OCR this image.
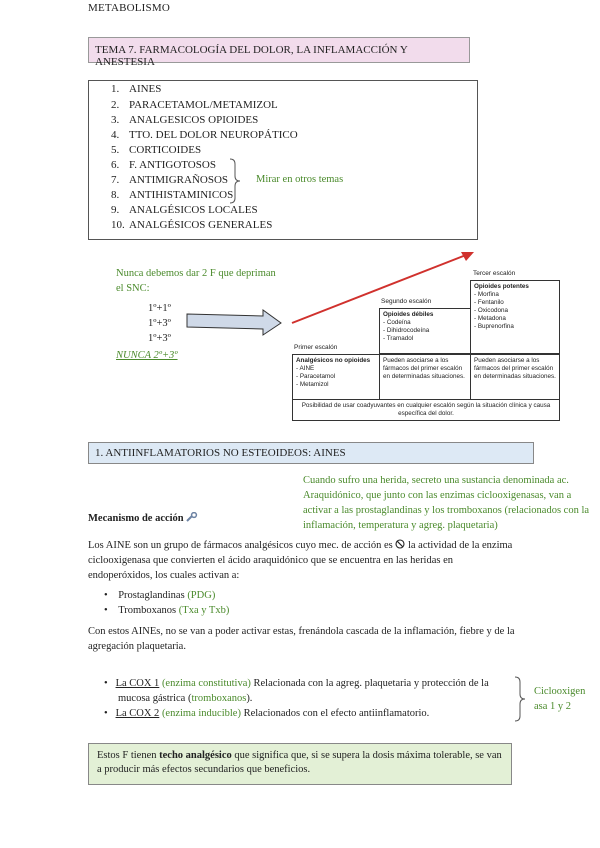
METABOLISMO
TEMA 7. FARMACOLOGÍA DEL DOLOR, LA INFLAMACCIÓN Y ANESTESIA
1. AINES
2. PARACETAMOL/METAMIZOL
3. ANALGESICOS OPIOIDES
4. TTO. DEL DOLOR NEUROPÁTICO
5. CORTICOIDES
6. F. ANTIGOTOSOS
7. ANTIMIGRAÑOSOS
8. ANTIHISTAMINICOS
9. ANALGÉSICOS LOCALES
10. ANALGÉSICOS GENERALES
Mirar en otros temas
Nunca debemos dar 2 F que depriman el SNC:
1º+1º
1º+3º
1º+3º
NUNCA 2º+3º
Tercer escalón
Segundo escalón
Primer escalón
Opioides potentes
- Morfina
- Fentanilo
- Oxicodona
- Metadona
- Buprenorfina
Opioides débiles
- Codeína
- Dihidrocodeína
- Tramadol
Analgésicos no opioides
- AINE
- Paracetamol
- Metamizol
Pueden asociarse a los fármacos del primer escalón en determinadas situaciones.
Pueden asociarse a los fármacos del primer escalón en determinadas situaciones.
Posibilidad de usar coadyuvantes en cualquier escalón según la situación clínica y causa específica del dolor.
1. ANTIINFLAMATORIOS NO ESTEOIDEOS: AINES
Cuando sufro una herida, secreto una sustancia denominada ac. Araquidónico, que junto con las enzimas ciclooxigenasas, van a activar a las prostaglandinas y los tromboxanos (relacionados con la inflamación, temperatura y agreg. plaquetaria)
Mecanismo de acción
Los AINE son un grupo de fármacos analgésicos cuyo mec. de acción es la actividad de la enzima ciclooxigenasa que convierten el ácido araquidónico que se encuentra en las heridas en endoperóxidos, los cuales activan a:
•    Prostaglandinas (PDG)
•    Tromboxanos (Txa y Txb)
Con estos AINEs, no se van a poder activar estas, frenándola cascada de la inflamación, fiebre y de la agregación plaquetaria.
•   La COX 1 (enzima constitutiva) Relacionada con la agreg. plaquetaria y protección de la mucosa gástrica (tromboxanos).
•   La COX 2 (enzima inducible) Relacionados con el efecto antiinflamatorio.
Ciclooxigen
asa 1 y 2
Estos F tienen techo analgésico que significa que, si se supera la dosis máxima tolerable, se van a producir más efectos secundarios que beneficios.
